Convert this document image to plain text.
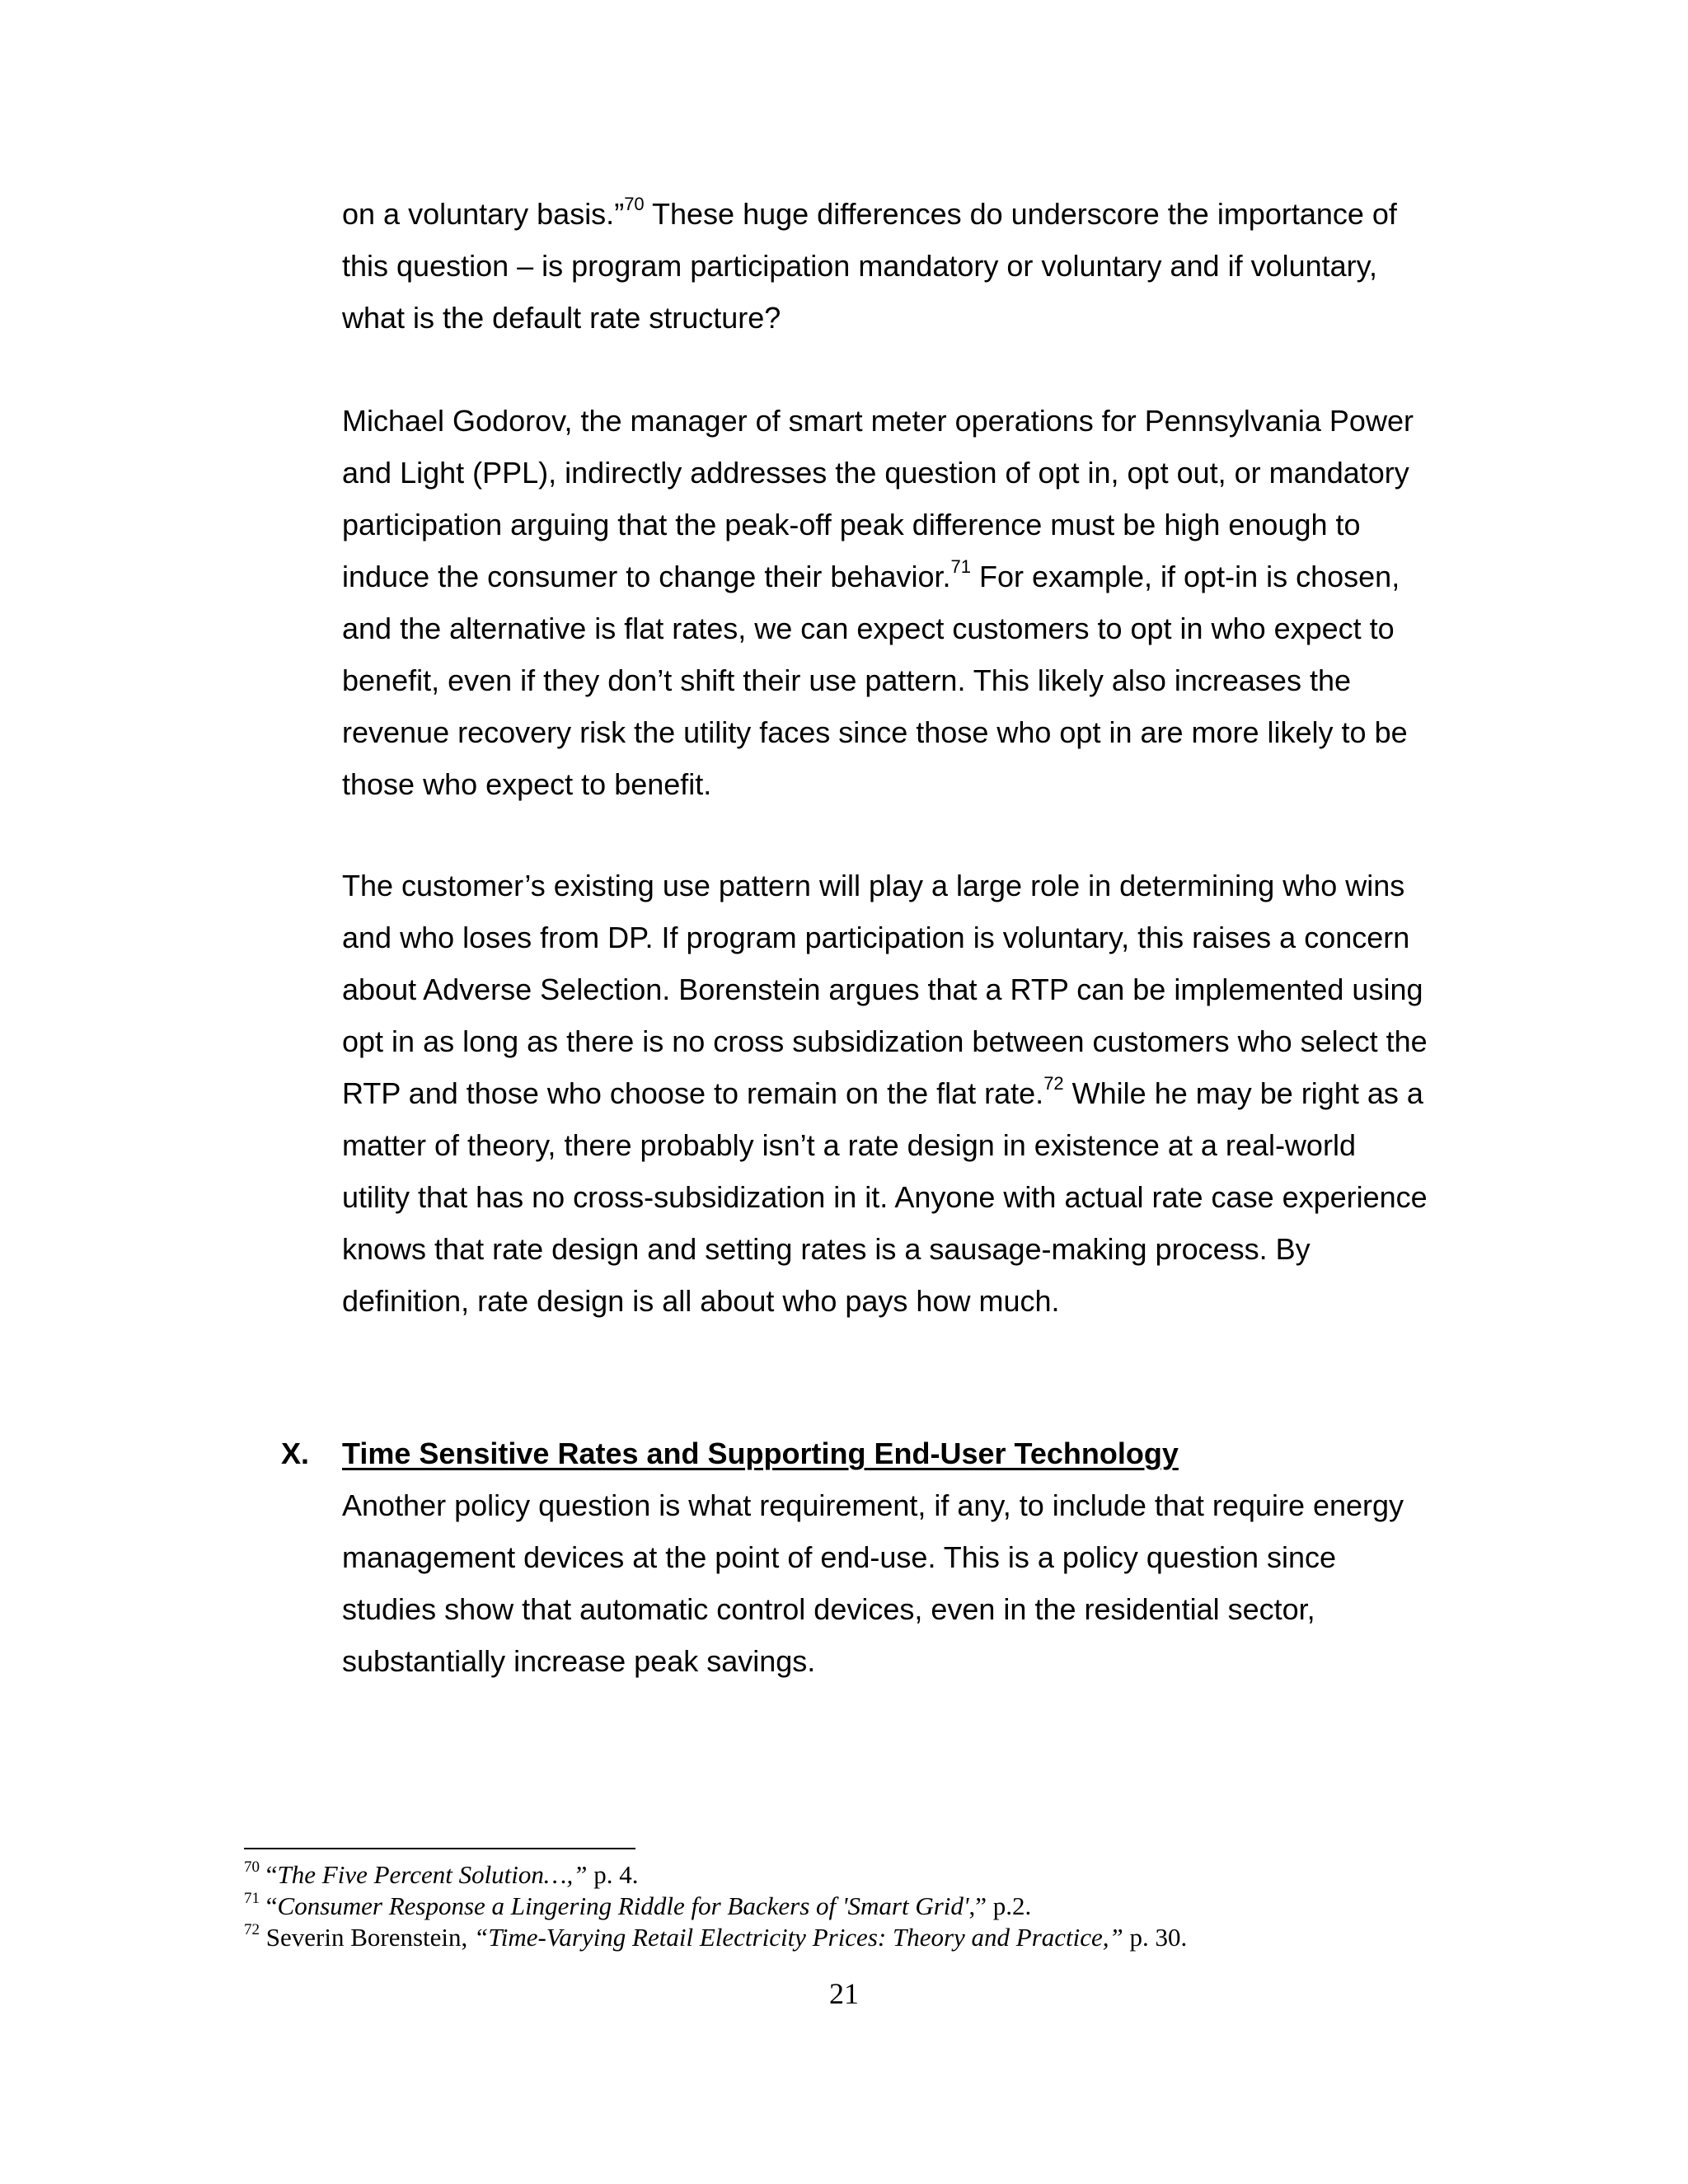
on a voluntary basis.”$^{70}$ These huge differences do underscore the importance of this question – is program participation mandatory or voluntary and if voluntary, what is the default rate structure?

Michael Godorov, the manager of smart meter operations for Pennsylvania Power and Light (PPL), indirectly addresses the question of opt in, opt out, or mandatory participation arguing that the peak-off peak difference must be high enough to induce the consumer to change their behavior.$^{71}$ For example, if opt-in is chosen, and the alternative is flat rates, we can expect customers to opt in who expect to benefit, even if they don’t shift their use pattern. This likely also increases the revenue recovery risk the utility faces since those who opt in are more likely to be those who expect to benefit.

The customer’s existing use pattern will play a large role in determining who wins and who loses from DP. If program participation is voluntary, this raises a concern about Adverse Selection. Borenstein argues that a RTP can be implemented using opt in as long as there is no cross subsidization between customers who select the RTP and those who choose to remain on the flat rate.$^{72}$ While he may be right as a matter of theory, there probably isn’t a rate design in existence at a real-world utility that has no cross-subsidization in it. Anyone with actual rate case experience knows that rate design and setting rates is a sausage-making process. By definition, rate design is all about who pays how much.

X. Time Sensitive Rates and Supporting End-User Technology

Another policy question is what requirement, if any, to include that require energy management devices at the point of end-use. This is a policy question since studies show that automatic control devices, even in the residential sector, substantially increase peak savings.

$^{70}$ “The Five Percent Solution…,” p. 4.

$^{71}$ “Consumer Response a Lingering Riddle for Backers of 'Smart Grid',” p.2.

$^{72}$ Severin Borenstein, “Time-Varying Retail Electricity Prices: Theory and Practice,” p. 30.

21
